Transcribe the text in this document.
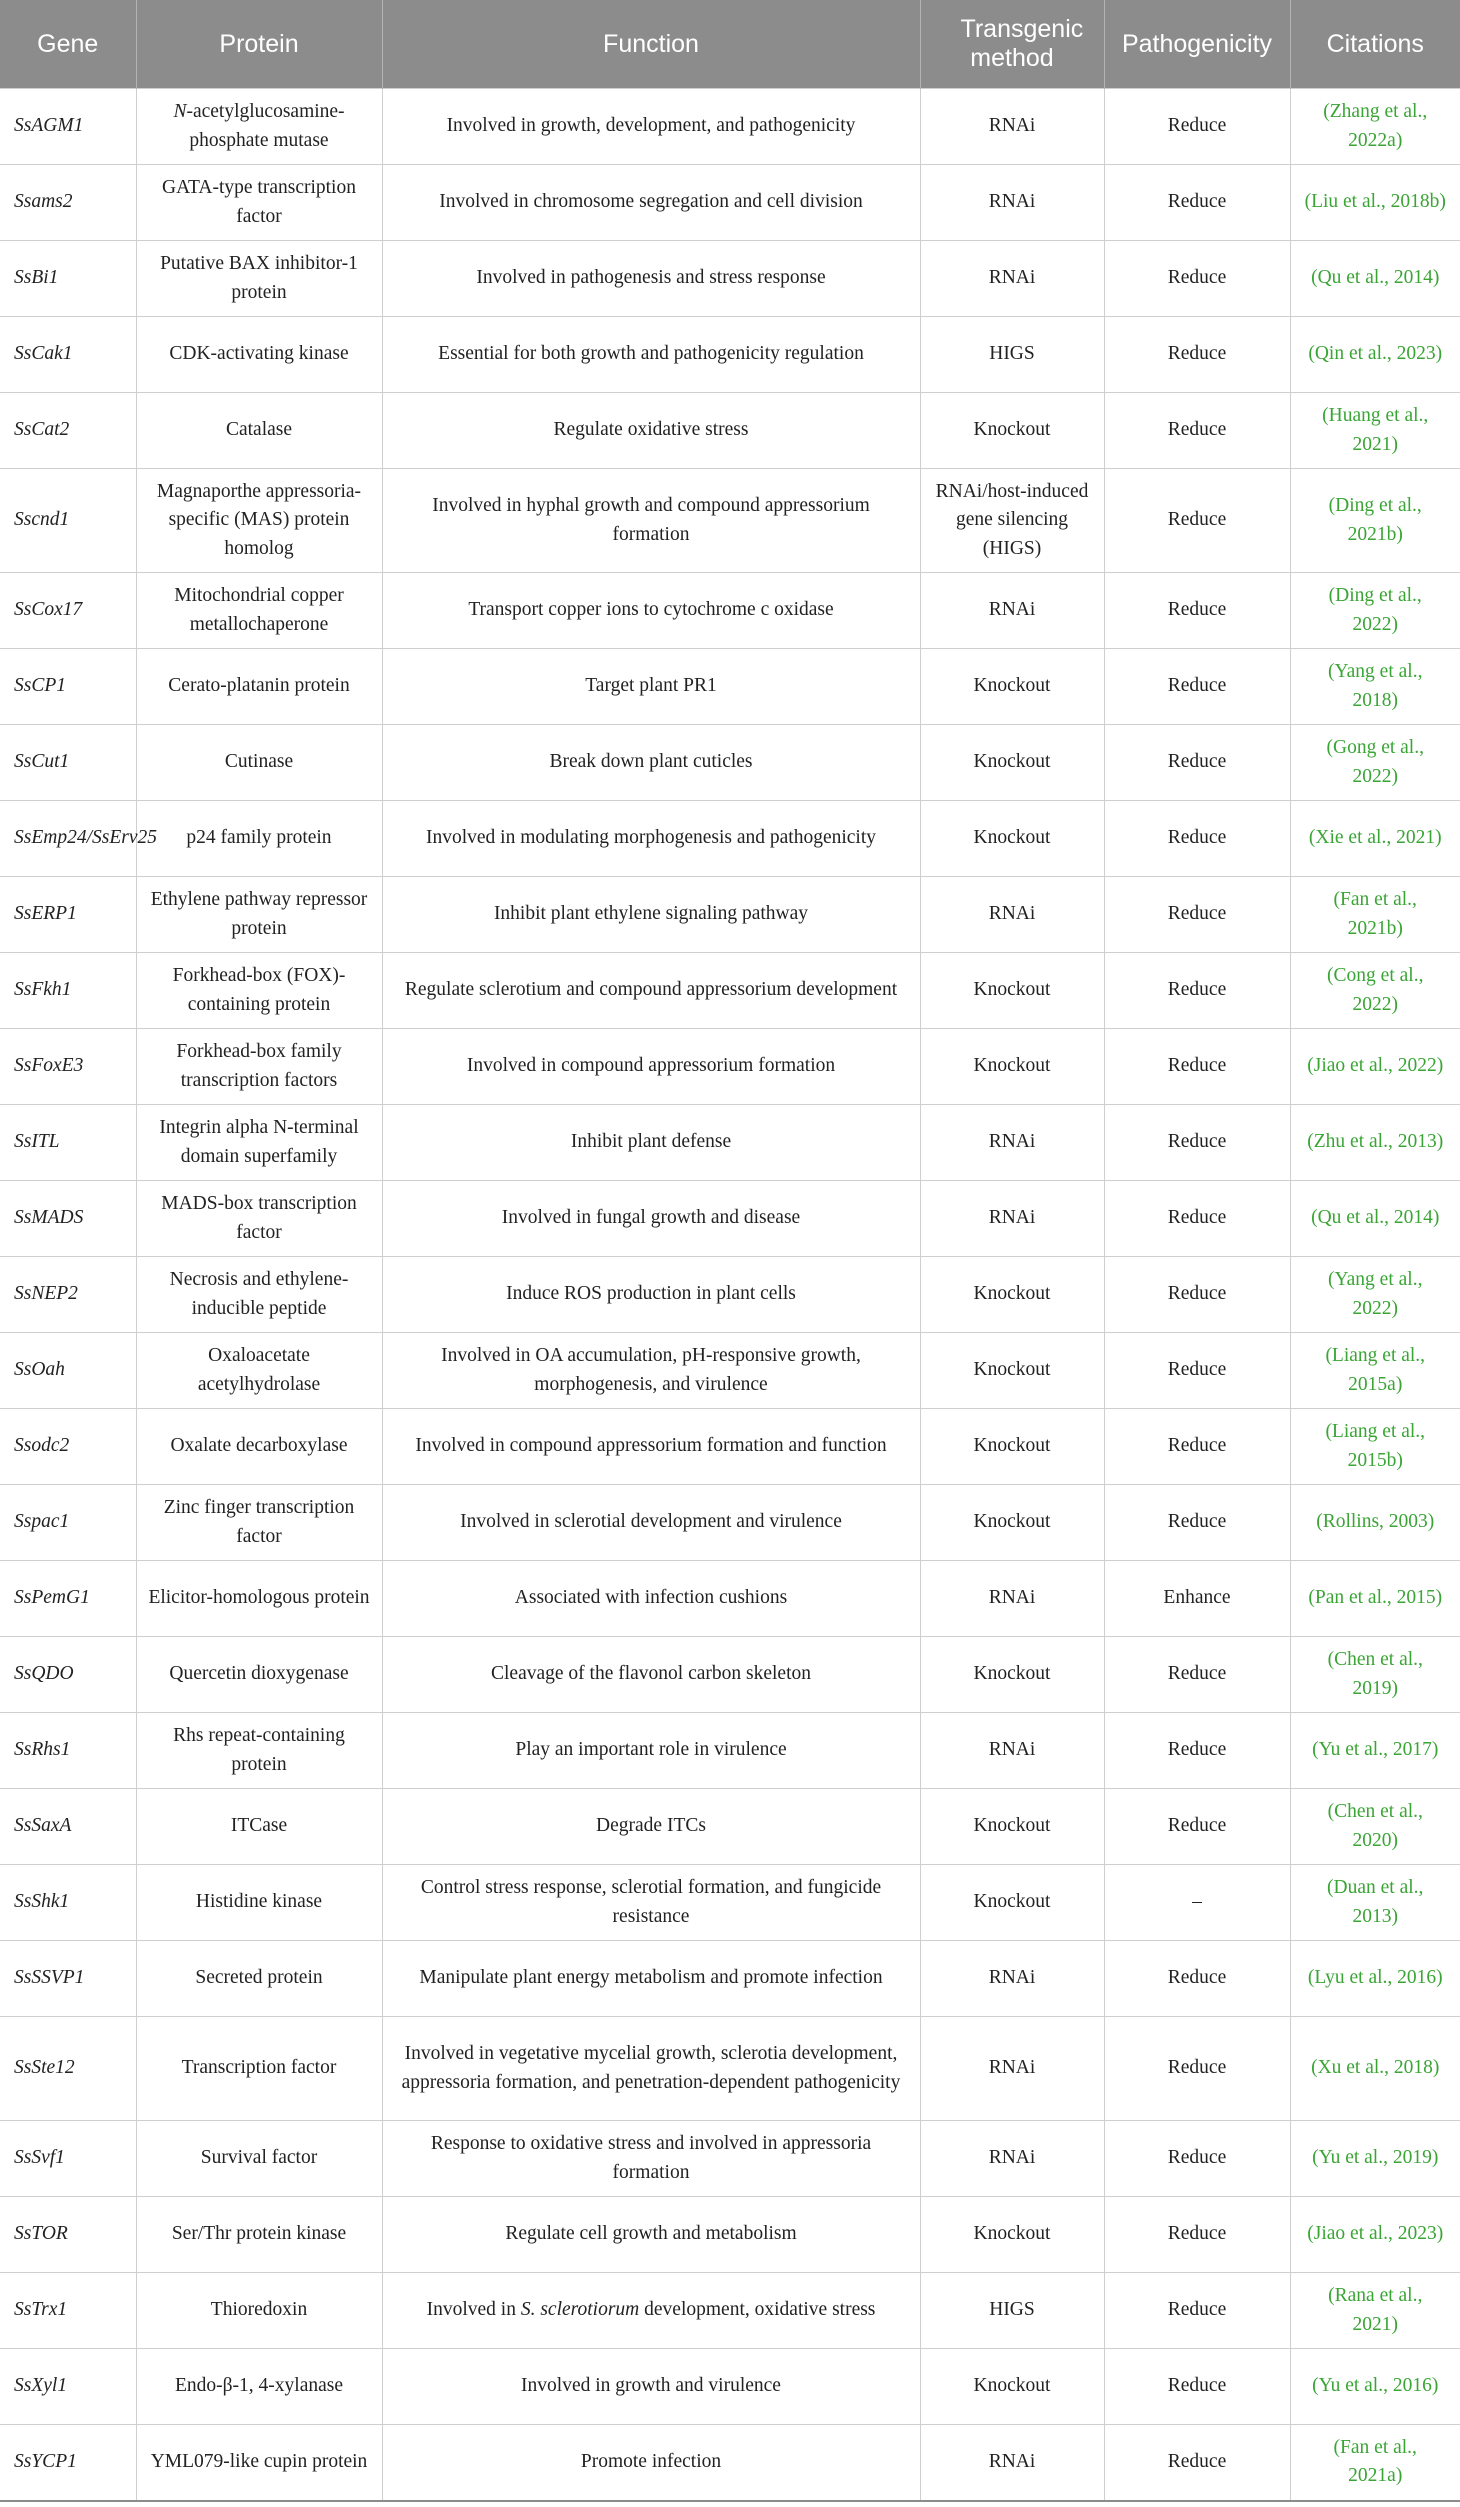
Gene	Protein	Function	Transgenic method	Pathogenicity	Citations
SsAGM1	N-acetylglucosamine-phosphate mutase	Involved in growth, development, and pathogenicity	RNAi	Reduce	(Zhang et al., 2022a)
Ssams2	GATA-type transcription factor	Involved in chromosome segregation and cell division	RNAi	Reduce	(Liu et al., 2018b)
SsBi1	Putative BAX inhibitor-1 protein	Involved in pathogenesis and stress response	RNAi	Reduce	(Qu et al., 2014)
SsCak1	CDK-activating kinase	Essential for both growth and pathogenicity regulation	HIGS	Reduce	(Qin et al., 2023)
SsCat2	Catalase	Regulate oxidative stress	Knockout	Reduce	(Huang et al., 2021)
Sscnd1	Magnaporthe appressoria-specific (MAS) protein homolog	Involved in hyphal growth and compound appressorium formation	RNAi/host-induced gene silencing (HIGS)	Reduce	(Ding et al., 2021b)
SsCox17	Mitochondrial copper metallochaperone	Transport copper ions to cytochrome c oxidase	RNAi	Reduce	(Ding et al., 2022)
SsCP1	Cerato-platanin protein	Target plant PR1	Knockout	Reduce	(Yang et al., 2018)
SsCut1	Cutinase	Break down plant cuticles	Knockout	Reduce	(Gong et al., 2022)
SsEmp24/SsErv25	p24 family protein	Involved in modulating morphogenesis and pathogenicity	Knockout	Reduce	(Xie et al., 2021)
SsERP1	Ethylene pathway repressor protein	Inhibit plant ethylene signaling pathway	RNAi	Reduce	(Fan et al., 2021b)
SsFkh1	Forkhead-box (FOX)-containing protein	Regulate sclerotium and compound appressorium development	Knockout	Reduce	(Cong et al., 2022)
SsFoxE3	Forkhead-box family transcription factors	Involved in compound appressorium formation	Knockout	Reduce	(Jiao et al., 2022)
SsITL	Integrin alpha N-terminal domain superfamily	Inhibit plant defense	RNAi	Reduce	(Zhu et al., 2013)
SsMADS	MADS-box transcription factor	Involved in fungal growth and disease	RNAi	Reduce	(Qu et al., 2014)
SsNEP2	Necrosis and ethylene-inducible peptide	Induce ROS production in plant cells	Knockout	Reduce	(Yang et al., 2022)
SsOah	Oxaloacetate acetylhydrolase	Involved in OA accumulation, pH-responsive growth, morphogenesis, and virulence	Knockout	Reduce	(Liang et al., 2015a)
Ssodc2	Oxalate decarboxylase	Involved in compound appressorium formation and function	Knockout	Reduce	(Liang et al., 2015b)
Sspac1	Zinc finger transcription factor	Involved in sclerotial development and virulence	Knockout	Reduce	(Rollins, 2003)
SsPemG1	Elicitor-homologous protein	Associated with infection cushions	RNAi	Enhance	(Pan et al., 2015)
SsQDO	Quercetin dioxygenase	Cleavage of the flavonol carbon skeleton	Knockout	Reduce	(Chen et al., 2019)
SsRhs1	Rhs repeat-containing protein	Play an important role in virulence	RNAi	Reduce	(Yu et al., 2017)
SsSaxA	ITCase	Degrade ITCs	Knockout	Reduce	(Chen et al., 2020)
SsShk1	Histidine kinase	Control stress response, sclerotial formation, and fungicide resistance	Knockout	–	(Duan et al., 2013)
SsSSVP1	Secreted protein	Manipulate plant energy metabolism and promote infection	RNAi	Reduce	(Lyu et al., 2016)
SsSte12	Transcription factor	Involved in vegetative mycelial growth, sclerotia development, appressoria formation, and penetration-dependent pathogenicity	RNAi	Reduce	(Xu et al., 2018)
SsSvf1	Survival factor	Response to oxidative stress and involved in appressoria formation	RNAi	Reduce	(Yu et al., 2019)
SsTOR	Ser/Thr protein kinase	Regulate cell growth and metabolism	Knockout	Reduce	(Jiao et al., 2023)
SsTrx1	Thioredoxin	Involved in S. sclerotiorum development, oxidative stress	HIGS	Reduce	(Rana et al., 2021)
SsXyl1	Endo-β-1, 4-xylanase	Involved in growth and virulence	Knockout	Reduce	(Yu et al., 2016)
SsYCP1	YML079-like cupin protein	Promote infection	RNAi	Reduce	(Fan et al., 2021a)
